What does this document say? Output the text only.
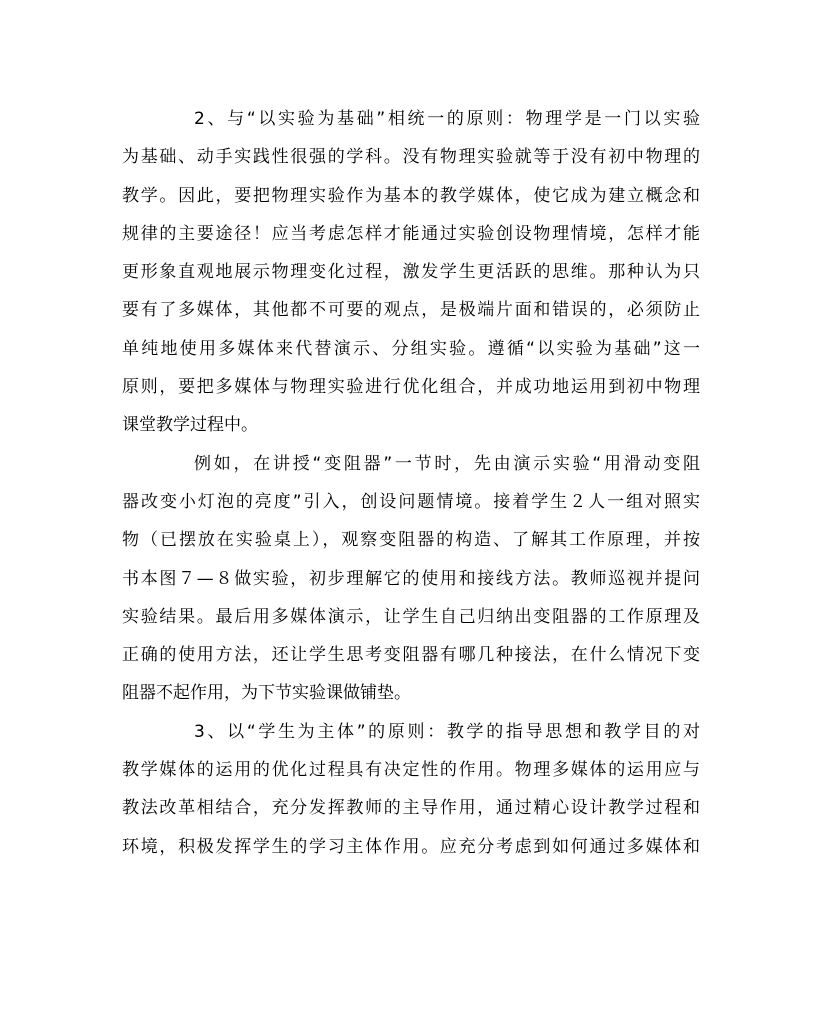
2、与“以实验为基础”相统一的原则：物理学是一门以实验
为基础、动手实践性很强的学科。没有物理实验就等于没有初中物理的
教学。因此，要把物理实验作为基本的教学媒体，使它成为建立概念和
规律的主要途径！应当考虑怎样才能通过实验创设物理情境，怎样才能
更形象直观地展示物理变化过程，激发学生更活跃的思维。那种认为只
要有了多媒体，其他都不可要的观点，是极端片面和错误的，必须防止
单纯地使用多媒体来代替演示、分组实验。遵循“以实验为基础”这一
原则，要把多媒体与物理实验进行优化组合，并成功地运用到初中物理
课堂教学过程中。
例如，在讲授“变阻器”一节时，先由演示实验“用滑动变阻
器改变小灯泡的亮度”引入，创设问题情境。接着学生２人一组对照实
物（已摆放在实验桌上），观察变阻器的构造、了解其工作原理，并按
书本图７—８做实验，初步理解它的使用和接线方法。教师巡视并提问
实验结果。最后用多媒体演示，让学生自己归纳出变阻器的工作原理及
正确的使用方法，还让学生思考变阻器有哪几种接法，在什么情况下变
阻器不起作用，为下节实验课做铺垫。
3、以“学生为主体”的原则：教学的指导思想和教学目的对
教学媒体的运用的优化过程具有决定性的作用。物理多媒体的运用应与
教法改革相结合，充分发挥教师的主导作用，通过精心设计教学过程和
环境，积极发挥学生的学习主体作用。应充分考虑到如何通过多媒体和
